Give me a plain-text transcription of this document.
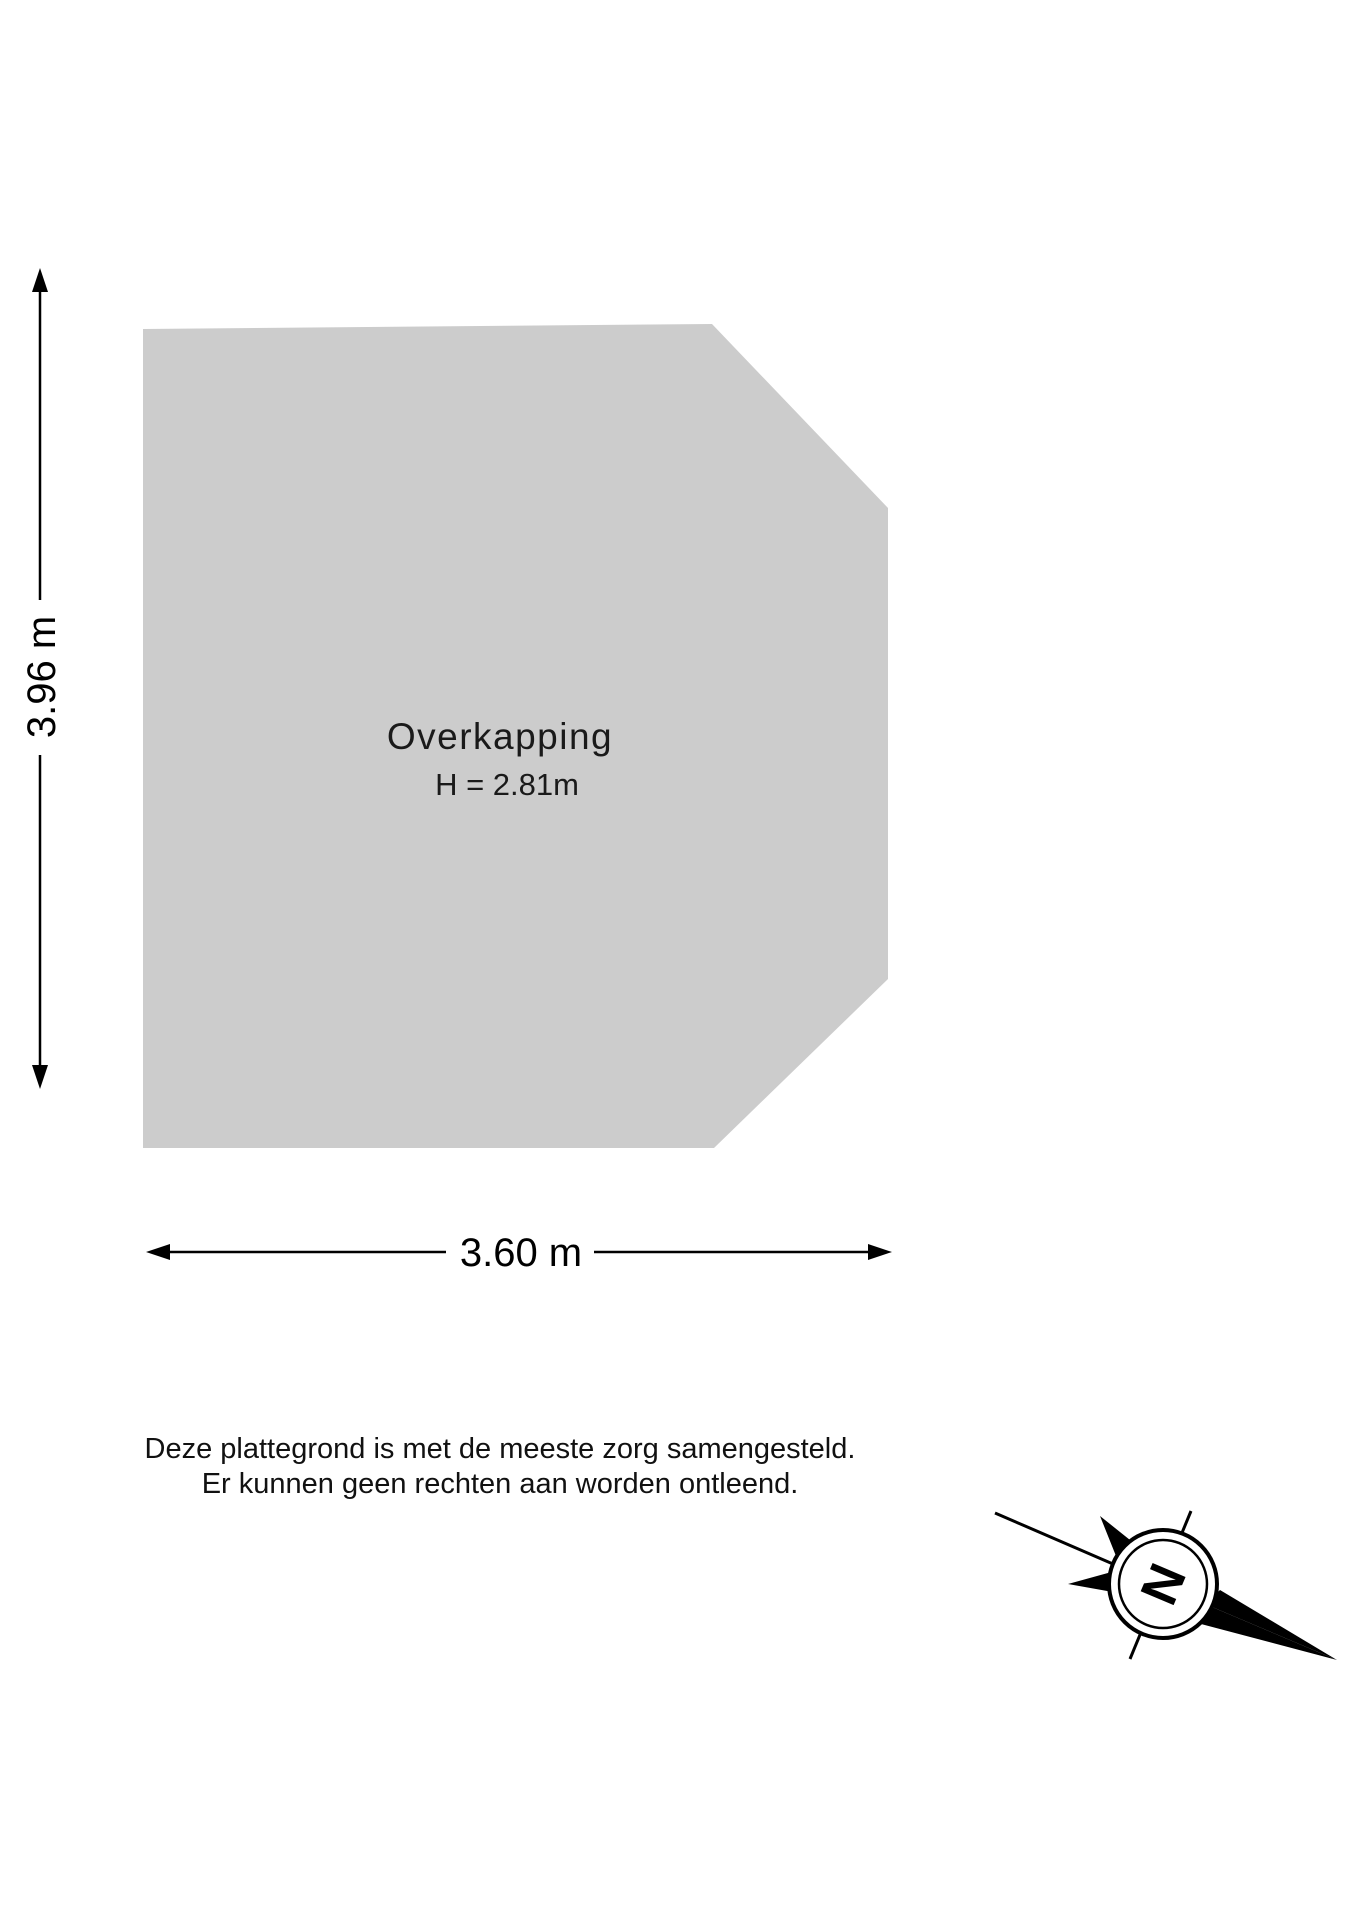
Overkapping
H = 2.81m
3.96 m
3.60 m
N
Deze plattegrond is met de meeste zorg samengesteld.
Er kunnen geen rechten aan worden ontleend.
